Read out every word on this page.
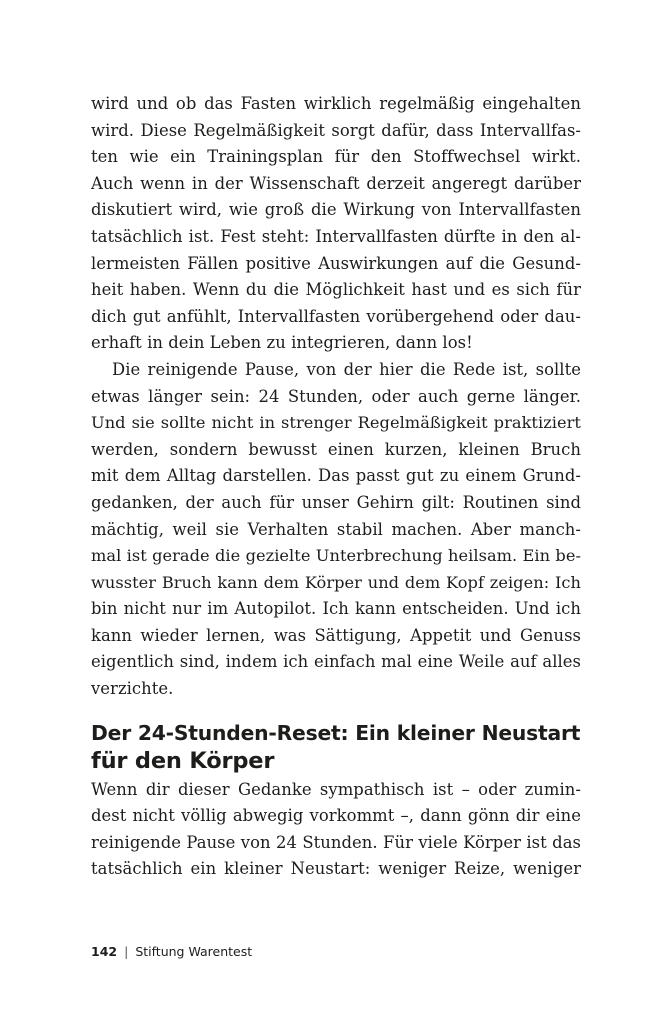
wird und ob das Fasten wirklich regelmäßig eingehalten
wird. Diese Regelmäßigkeit sorgt dafür, dass Intervallfas-
ten wie ein Trainingsplan für den Stoffwechsel wirkt.
Auch wenn in der Wissenschaft derzeit angeregt darüber
diskutiert wird, wie groß die Wirkung von Intervallfasten
tatsächlich ist. Fest steht: Intervallfasten dürfte in den al-
lermeisten Fällen positive Auswirkungen auf die Gesund-
heit haben. Wenn du die Möglichkeit hast und es sich für
dich gut anfühlt, Intervallfasten vorübergehend oder dau-
erhaft in dein Leben zu integrieren, dann los!
Die reinigende Pause, von der hier die Rede ist, sollte
etwas länger sein: 24 Stunden, oder auch gerne länger.
Und sie sollte nicht in strenger Regelmäßigkeit praktiziert
werden, sondern bewusst einen kurzen, kleinen Bruch
mit dem Alltag darstellen. Das passt gut zu einem Grund-
gedanken, der auch für unser Gehirn gilt: Routinen sind
mächtig, weil sie Verhalten stabil machen. Aber manch-
mal ist gerade die gezielte Unterbrechung heilsam. Ein be-
wusster Bruch kann dem Körper und dem Kopf zeigen: Ich
bin nicht nur im Autopilot. Ich kann entscheiden. Und ich
kann wieder lernen, was Sättigung, Appetit und Genuss
eigentlich sind, indem ich einfach mal eine Weile auf alles
verzichte.
Der 24-Stunden-Reset: Ein kleiner Neustart
für den Körper
Wenn dir dieser Gedanke sympathisch ist – oder zumin-
dest nicht völlig abwegig vorkommt –, dann gönn dir eine
reinigende Pause von 24 Stunden. Für viele Körper ist das
tatsächlich ein kleiner Neustart: weniger Reize, weniger
142 | Stiftung Warentest
